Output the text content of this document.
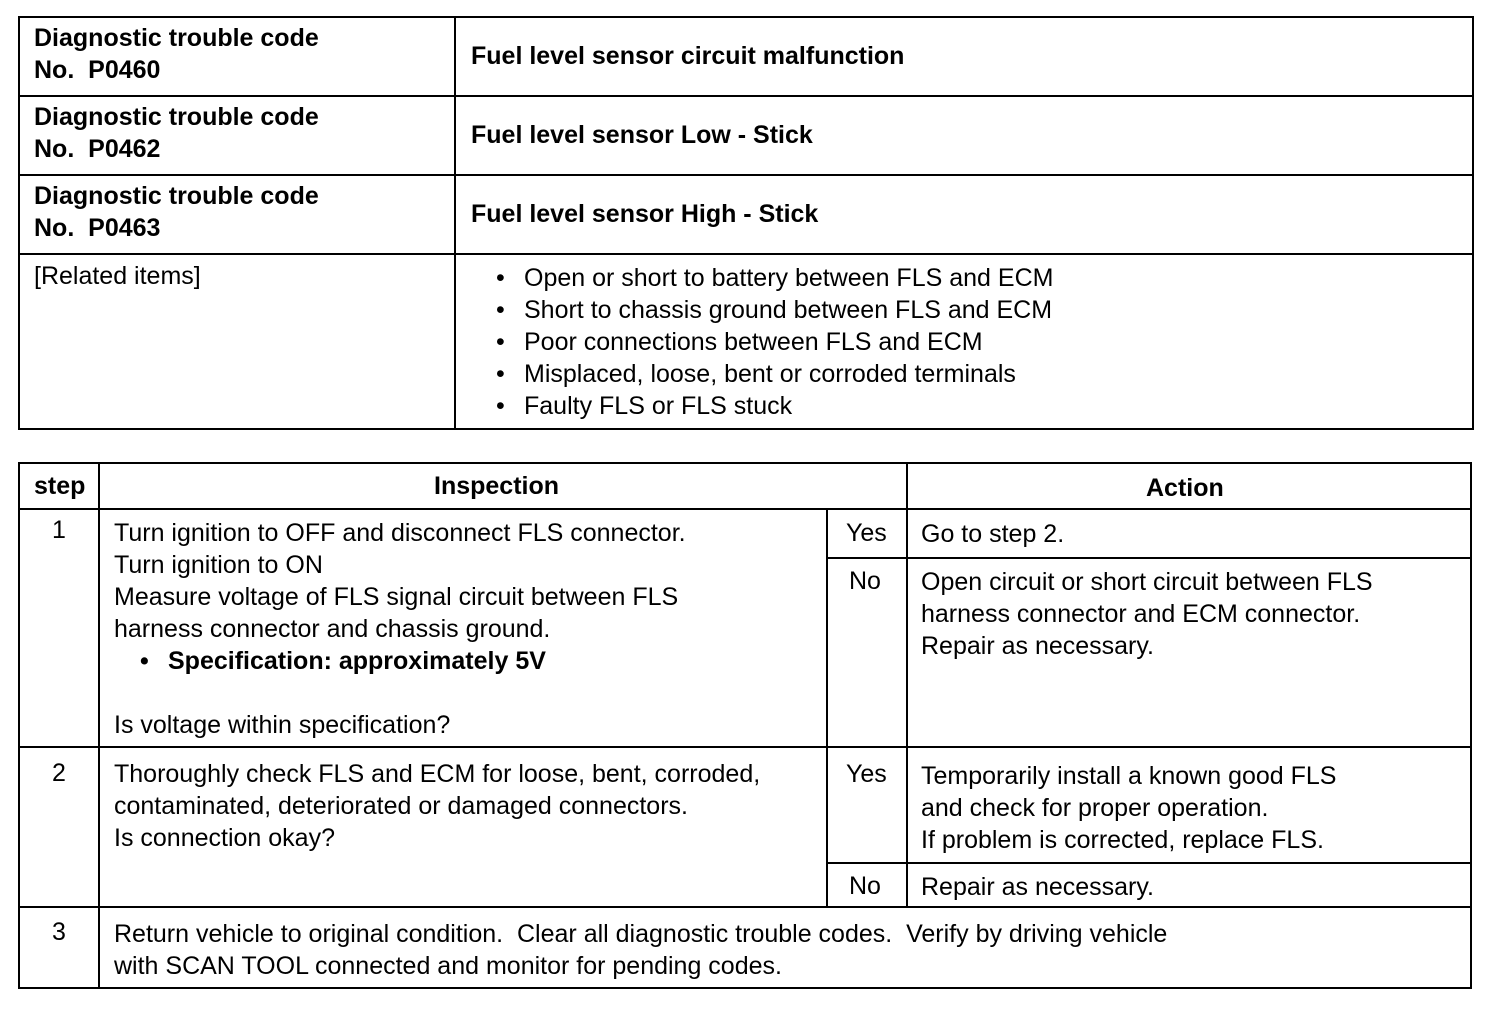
Diagnostic trouble code
No.  P0460	Fuel level sensor circuit malfunction
Diagnostic trouble code
No.  P0462	Fuel level sensor Low - Stick
Diagnostic trouble code
No.  P0463	Fuel level sensor High - Stick
[Related items]
•	Open or short to battery between FLS and ECM
• Short to chassis ground between FLS and ECM
• Poor connections between FLS and ECM
• Misplaced, loose, bent or corroded terminals
• Faulty FLS or FLS stuck
step	Inspection	Action
1 Turn ignition to OFF and disconnect FLS connector.
Turn ignition to ON
Measure voltage of FLS signal circuit between FLS
harness connector and chassis ground.
• Specification: approximately 5V
Is voltage within specification?
Yes Go to step 2.
No Open circuit or short circuit between FLS
harness connector and ECM connector.
Repair as necessary.
2 Thoroughly check FLS and ECM for loose, bent, corroded,
contaminated, deteriorated or damaged connectors.
Is connection okay?
Yes Temporarily install a known good FLS
and check for proper operation.
If problem is corrected, replace FLS.
No Repair as necessary.
3 Return vehicle to original condition.  Clear all diagnostic trouble codes.  Verify by driving vehicle
with SCAN TOOL connected and monitor for pending codes.
